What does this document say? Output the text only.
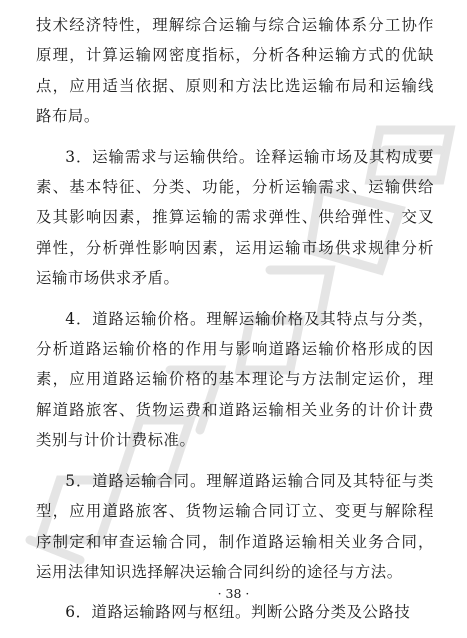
技术经济特性，理解综合运输与综合运输体系分工协作原理，计算运输网密度指标，分析各种运输方式的优缺点，应用适当依据、原则和方法比选运输布局和运输线路布局。

3．运输需求与运输供给。诠释运输市场及其构成要素、基本特征、分类、功能，分析运输需求、运输供给及其影响因素，推算运输的需求弹性、供给弹性、交叉弹性，分析弹性影响因素，运用运输市场供求规律分析运输市场供求矛盾。

4．道路运输价格。理解运输价格及其特点与分类，分析道路运输价格的作用与影响道路运输价格形成的因素，应用道路运输价格的基本理论与方法制定运价，理解道路旅客、货物运费和道路运输相关业务的计价计费类别与计价计费标准。

5．道路运输合同。理解道路运输合同及其特征与类型，应用道路旅客、货物运输合同订立、变更与解除程序制定和审查运输合同，制作道路运输相关业务合同，运用法律知识选择解决运输合同纠纷的途径与方法。

6．道路运输路网与枢纽。判断公路分类及公路技

· 38 ·
